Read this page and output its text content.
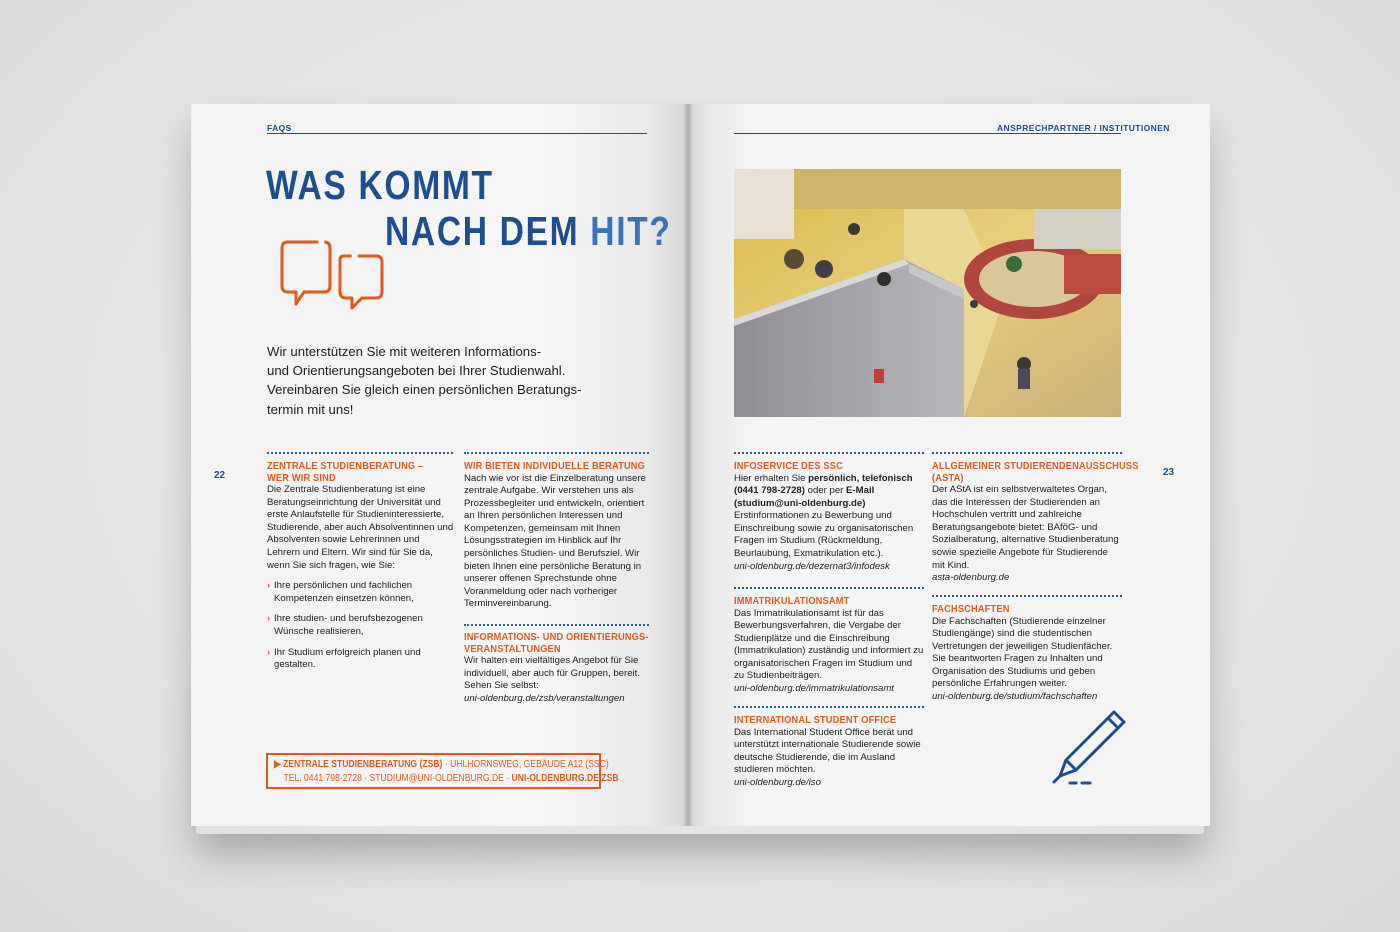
FAQS
WAS KOMMT
NACH DEM HIT?
Wir unterstützen Sie mit weiteren Informations-
und Orientierungsangeboten bei Ihrer Studienwahl.
Vereinbaren Sie gleich einen persönlichen Beratungs-
termin mit uns!
22
ZENTRALE STUDIENBERATUNG –
WER WIR SIND

Die Zentrale Studienberatung ist eine Beratungseinrichtung der Universität und erste Anlaufstelle für Studieninteressierte, Studierende, aber auch Absolventinnen und Absolventen sowie Lehrerinnen und Lehrern und Eltern. Wir sind für Sie da, wenn Sie sich fragen, wie Sie:

› Ihre persönlichen und fachlichen Kompetenzen einsetzen können,
› Ihre studien- und berufsbezogenen Wünsche realisieren,
› Ihr Studium erfolgreich planen und gestalten.
WIR BIETEN INDIVIDUELLE BERATUNG

Nach wie vor ist die Einzelberatung unsere zentrale Aufgabe. Wir verstehen uns als Prozessbegleiter und entwickeln, orientiert an Ihren persönlichen Interessen und Kompetenzen, gemeinsam mit Ihnen Lösungsstrategien im Hinblick auf Ihr persönliches Studien- und Berufsziel. Wir bieten Ihnen eine persönliche Beratung in unserer offenen Sprechstunde ohne Voranmeldung oder nach vorheriger Terminvereinbarung.

INFORMATIONS- UND ORIENTIERUNGS-
VERANSTALTUNGEN

Wir halten ein vielfältiges Angebot für Sie individuell, aber auch für Gruppen, bereit. Sehen Sie selbst:

uni-oldenburg.de/zsb/veranstaltungen
▶ ZENTRALE STUDIENBERATUNG (ZSB) · UHLHORNSWEG, GEBÄUDE A12 (SSC)
TEL. 0441 798-2728 · STUDIUM@UNI-OLDENBURG.DE · UNI-OLDENBURG.DE/ZSB
ANSPRECHPARTNER / INSTITUTIONEN
23
INFOSERVICE DES SSC

Hier erhalten Sie persönlich, telefonisch (0441 798-2728) oder per E-Mail (studium@uni-oldenburg.de) Erstinformationen zu Bewerbung und Einschreibung sowie zu organisatorischen Fragen im Studium (Rückmeldung, Beurlaubung, Exmatrikulation etc.).

uni-oldenburg.de/dezernat3/infodesk
IMMATRIKULATIONSAMT

Das Immatrikulationsamt ist für das Bewerbungsverfahren, die Vergabe der Studienplätze und die Einschreibung (Immatrikulation) zuständig und informiert zu organisatorischen Fragen im Studium und zu Studienbeiträgen.

uni-oldenburg.de/immatrikulationsamt
INTERNATIONAL STUDENT OFFICE

Das International Student Office berät und unterstützt internationale Studierende sowie deutsche Studierende, die im Ausland studieren möchten.

uni-oldenburg.de/iso
ALLGEMEINER STUDIERENDENAUSSCHUSS
(ASTA)

Der AStA ist ein selbstverwaltetes Organ, das die Interessen der Studierenden an Hochschulen vertritt und zahlreiche Beratungsangebote bietet: BAföG- und Sozialberatung, alternative Studienberatung sowie spezielle Angebote für Studierende mit Kind.

asta-oldenburg.de
FACHSCHAFTEN

Die Fachschaften (Studierende einzelner Studiengänge) sind die studentischen Vertretungen der jeweiligen Studienfächer. Sie beantworten Fragen zu Inhalten und Organisation des Studiums und geben persönliche Erfahrungen weiter.

uni-oldenburg.de/studium/fachschaften
